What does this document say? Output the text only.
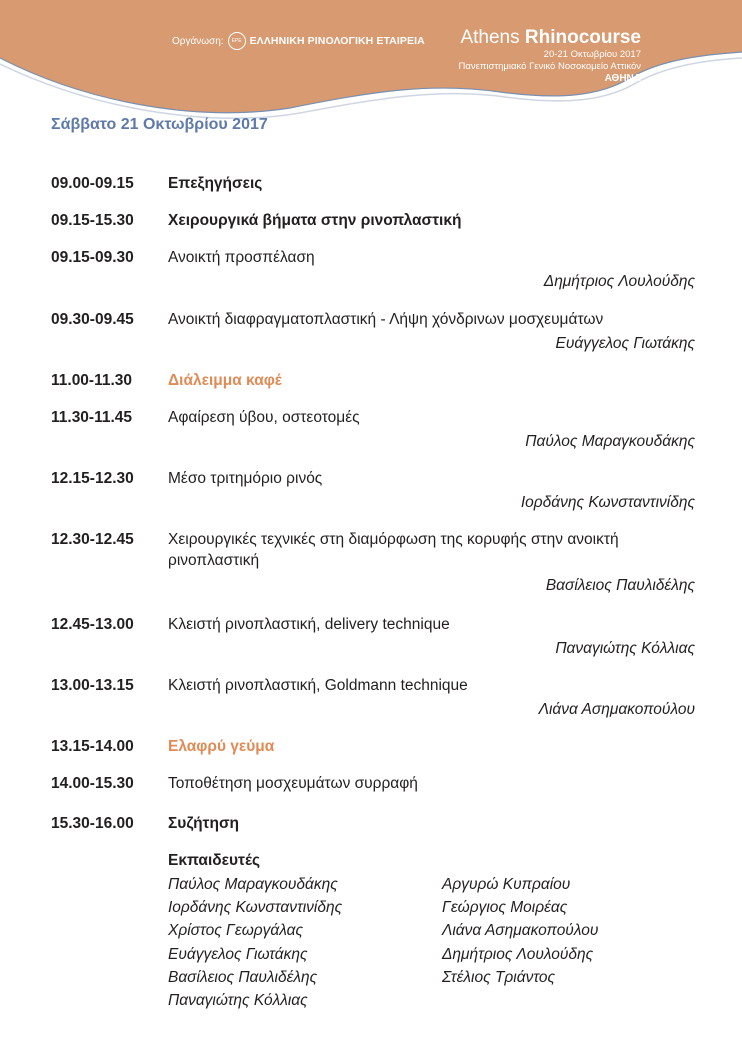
Οργάνωση: ΕΡΕ ΕΛΛΗΝΙΚΗ ΡΙΝΟΛΟΓΙΚΗ ΕΤΑΙΡΕΙΑ Athens Rhinocourse
20-21 Οκτωβρίου 2017
Πανεπιστημιακό Γενικό Νοσοκομείο Αττικόν
ΑΘΗΝΑ
Σάββατο 21 Οκτωβρίου 2017
09.00-09.15 Επεξηγήσεις
09.15-15.30 Χειρουργικά βήματα στην ρινοπλαστική
09.15-09.30 Ανοικτή προσπέλαση
Δημήτριος Λουλούδης
09.30-09.45 Ανοικτή διαφραγματοπλαστική - Λήψη χόνδρινων μοσχευμάτων
Ευάγγελος Γιωτάκης
11.00-11.30 Διάλειμμα καφέ
11.30-11.45 Αφαίρεση ύβου, οστεοτομές
Παύλος Μαραγκουδάκης
12.15-12.30 Μέσο τριτημόριο ρινός
Ιορδάνης Κωνσταντινίδης
12.30-12.45 Χειρουργικές τεχνικές στη διαμόρφωση της κορυφής στην ανοικτή ρινοπλαστική
Βασίλειος Παυλιδέλης
12.45-13.00 Κλειστή ρινοπλαστική, delivery technique
Παναγιώτης Κόλλιας
13.00-13.15 Κλειστή ρινοπλαστική, Goldmann technique
Λιάνα Ασημακοπούλου
13.15-14.00 Ελαφρύ γεύμα
14.00-15.30 Τοποθέτηση μοσχευμάτων συρραφή
15.30-16.00 Συζήτηση
Εκπαιδευτές
Παύλος Μαραγκουδάκης
Ιορδάνης Κωνσταντινίδης
Χρίστος Γεωργάλας
Ευάγγελος Γιωτάκης
Βασίλειος Παυλιδέλης
Παναγιώτης Κόλλιας
Αργυρώ Κυπραίου
Γεώργιος Μοιρέας
Λιάνα Ασημακοπούλου
Δημήτριος Λουλούδης
Στέλιος Τριάντος
